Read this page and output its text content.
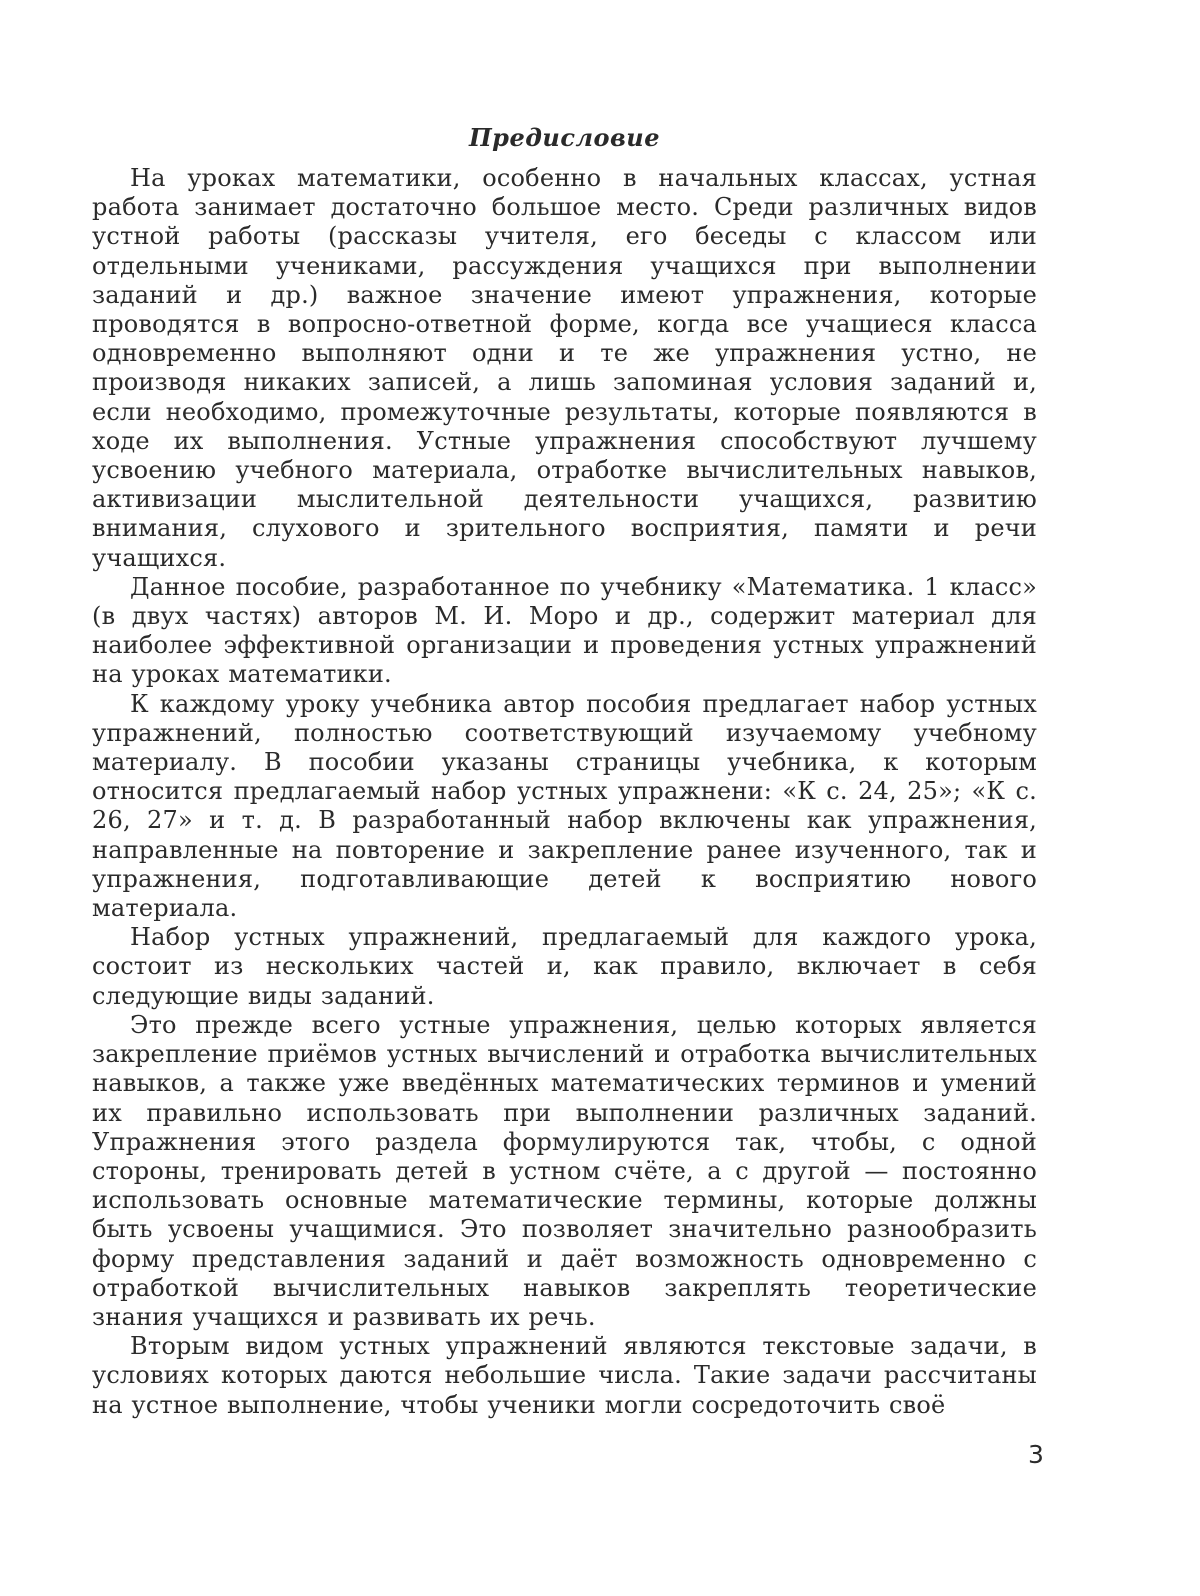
Предисловие

На уроках математики, особенно в начальных классах, устная работа занимает достаточно большое место. Среди различных видов устной работы (рассказы учителя, его беседы с классом или отдельными учениками, рассуждения учащихся при выполнении заданий и др.) важное значение имеют упражнения, которые проводятся в вопросно-ответной форме, когда все учащиеся класса одновременно выполняют одни и те же упражнения устно, не производя никаких записей, а лишь запоминая условия заданий и, если необходимо, промежуточные результаты, которые появляются в ходе их выполнения. Устные упражнения способствуют лучшему усвоению учебного материала, отработке вычислительных навыков, активизации мыслительной деятельности учащихся, развитию внимания, слухового и зрительного восприятия, памяти и речи учащихся.

Данное пособие, разработанное по учебнику «Математика. 1 класс» (в двух частях) авторов М. И. Моро и др., содержит материал для наиболее эффективной организации и проведения устных упражнений на уроках математики.

К каждому уроку учебника автор пособия предлагает набор устных упражнений, полностью соответствующий изучаемому учебному материалу. В пособии указаны страницы учебника, к которым относится предлагаемый набор устных упражнени: «К с. 24, 25»; «К с. 26, 27» и т. д. В разработанный набор включены как упражнения, направленные на повторение и закрепление ранее изученного, так и упражнения, подготавливающие детей к восприятию нового материала.

Набор устных упражнений, предлагаемый для каждого урока, состоит из нескольких частей и, как правило, включает в себя следующие виды заданий.

Это прежде всего устные упражнения, целью которых является закрепление приёмов устных вычислений и отработка вычислительных навыков, а также уже введённых математических терминов и умений их правильно использовать при выполнении различных заданий. Упражнения этого раздела формулируются так, чтобы, с одной стороны, тренировать детей в устном счёте, а с другой — постоянно использовать основные математические термины, которые должны быть усвоены учащимися. Это позволяет значительно разнообразить форму представления заданий и даёт возможность одновременно с отработкой вычислительных навыков закреплять теоретические знания учащихся и развивать их речь.

Вторым видом устных упражнений являются текстовые задачи, в условиях которых даются небольшие числа. Такие задачи рассчитаны на устное выполнение, чтобы ученики могли сосредоточить своё

3
